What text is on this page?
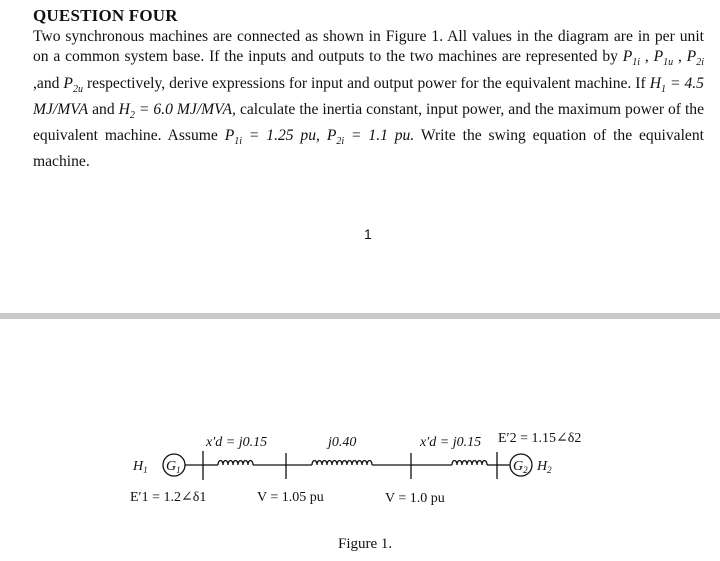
QUESTION FOUR
Two synchronous machines are connected as shown in Figure 1. All values in the diagram are in per unit on a common system base. If the inputs and outputs to the two machines are represented by $P_{1i}$ , $P_{1u}$ , $P_{2i}$ ,and $P_{2u}$ respectively, derive expressions for input and output power for the equivalent machine. If $H_1 = 4.5$ MJ/MVA and $H_2 = 6.0$ MJ/MVA, calculate the inertia constant, input power, and the maximum power of the equivalent machine. Assume $P_{1i} = 1.25$ pu, $P_{2i} = 1.1$ pu. Write the swing equation of the equivalent machine.
1
$G_1$
$H_1$	$G_2$ $H_2$
x′d = j0.15	j0.40	x′d = j0.15 E′2 = 1.15∠δ2
E′1 = 1.2∠δ1	V = 1.05 pu	V = 1.0 pu
Figure 1.
